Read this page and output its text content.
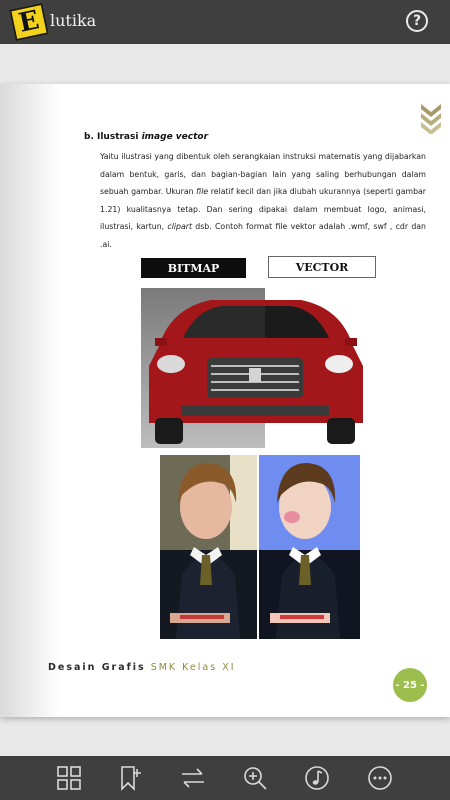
E lutika	?
b. Ilustrasi image vector
Yaitu ilustrasi yang dibentuk oleh serangkaian instruksi matematis yang dijabarkan dalam bentuk, garis, dan bagian-bagian lain yang saling berhubungan dalam sebuah gambar. Ukuran file relatif kecil dan jika diubah ukurannya (seperti gambar 1.21) kualitasnya tetap. Dan sering dipakai dalam membuat logo, animasi, ilustrasi, kartun, clipart dsb. Contoh format file vektor adalah .wmf, swf , cdr dan .ai.
BITMAP	VECTOR
Desain Grafis SMK Kelas XI
- 25 -
